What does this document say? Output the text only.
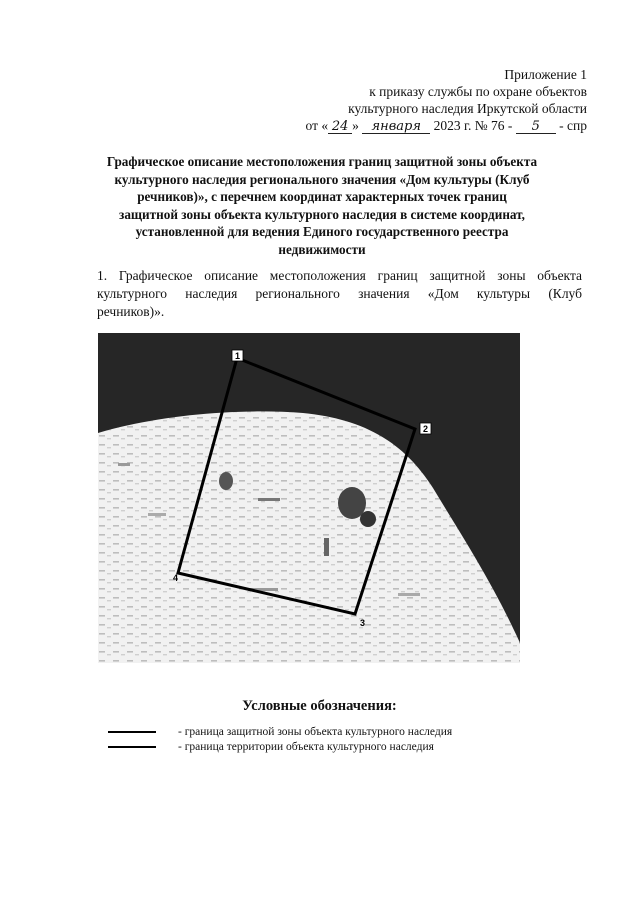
Приложение 1
к приказу службы по охране объектов
культурного наследия Иркутской области
от « 24 » января 2023 г. № 76 - 5 - спр
Графическое описание местоположения границ защитной зоны объекта
культурного наследия регионального значения «Дом культуры (Клуб
речников)», с перечнем координат характерных точек границ
защитной зоны объекта культурного наследия в системе координат,
установленной для ведения Единого государственного реестра
недвижимости
1. Графическое описание местоположения границ защитной зоны объекта
культурного наследия регионального значения «Дом культуры (Клуб
речников)».
1
2
3
4
Условные обозначения:
- граница защитной зоны объекта культурного наследия
- граница территории объекта культурного наследия
